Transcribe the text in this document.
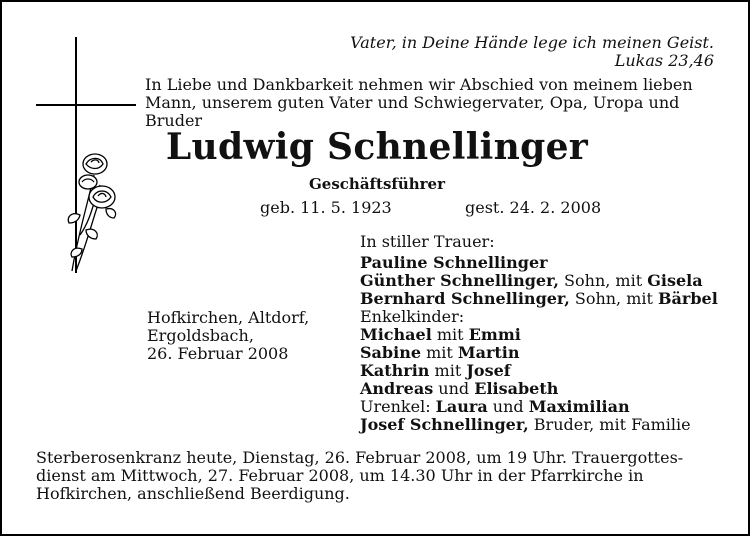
Vater, in Deine Hände lege ich meinen Geist.
Lukas 23,46
In Liebe und Dankbarkeit nehmen wir Abschied von meinem lieben
Mann, unserem guten Vater und Schwiegervater, Opa, Uropa und
Bruder
Ludwig Schnellinger
Geschäftsführer
geb. 11. 5. 1923	gest. 24. 2. 2008
Hofkirchen, Altdorf,
Ergoldsbach,
26. Februar 2008
In stiller Trauer:
Pauline Schnellinger
Günther Schnellinger, Sohn, mit Gisela
Bernhard Schnellinger, Sohn, mit Bärbel
Enkelkinder:
Michael mit Emmi
Sabine mit Martin
Kathrin mit Josef
Andreas und Elisabeth
Urenkel: Laura und Maximilian
Josef Schnellinger, Bruder, mit Familie
Sterberosenkranz heute, Dienstag, 26. Februar 2008, um 19 Uhr. Trauergottes-
dienst am Mittwoch, 27. Februar 2008, um 14.30 Uhr in der Pfarrkirche in
Hofkirchen, anschließend Beerdigung.
